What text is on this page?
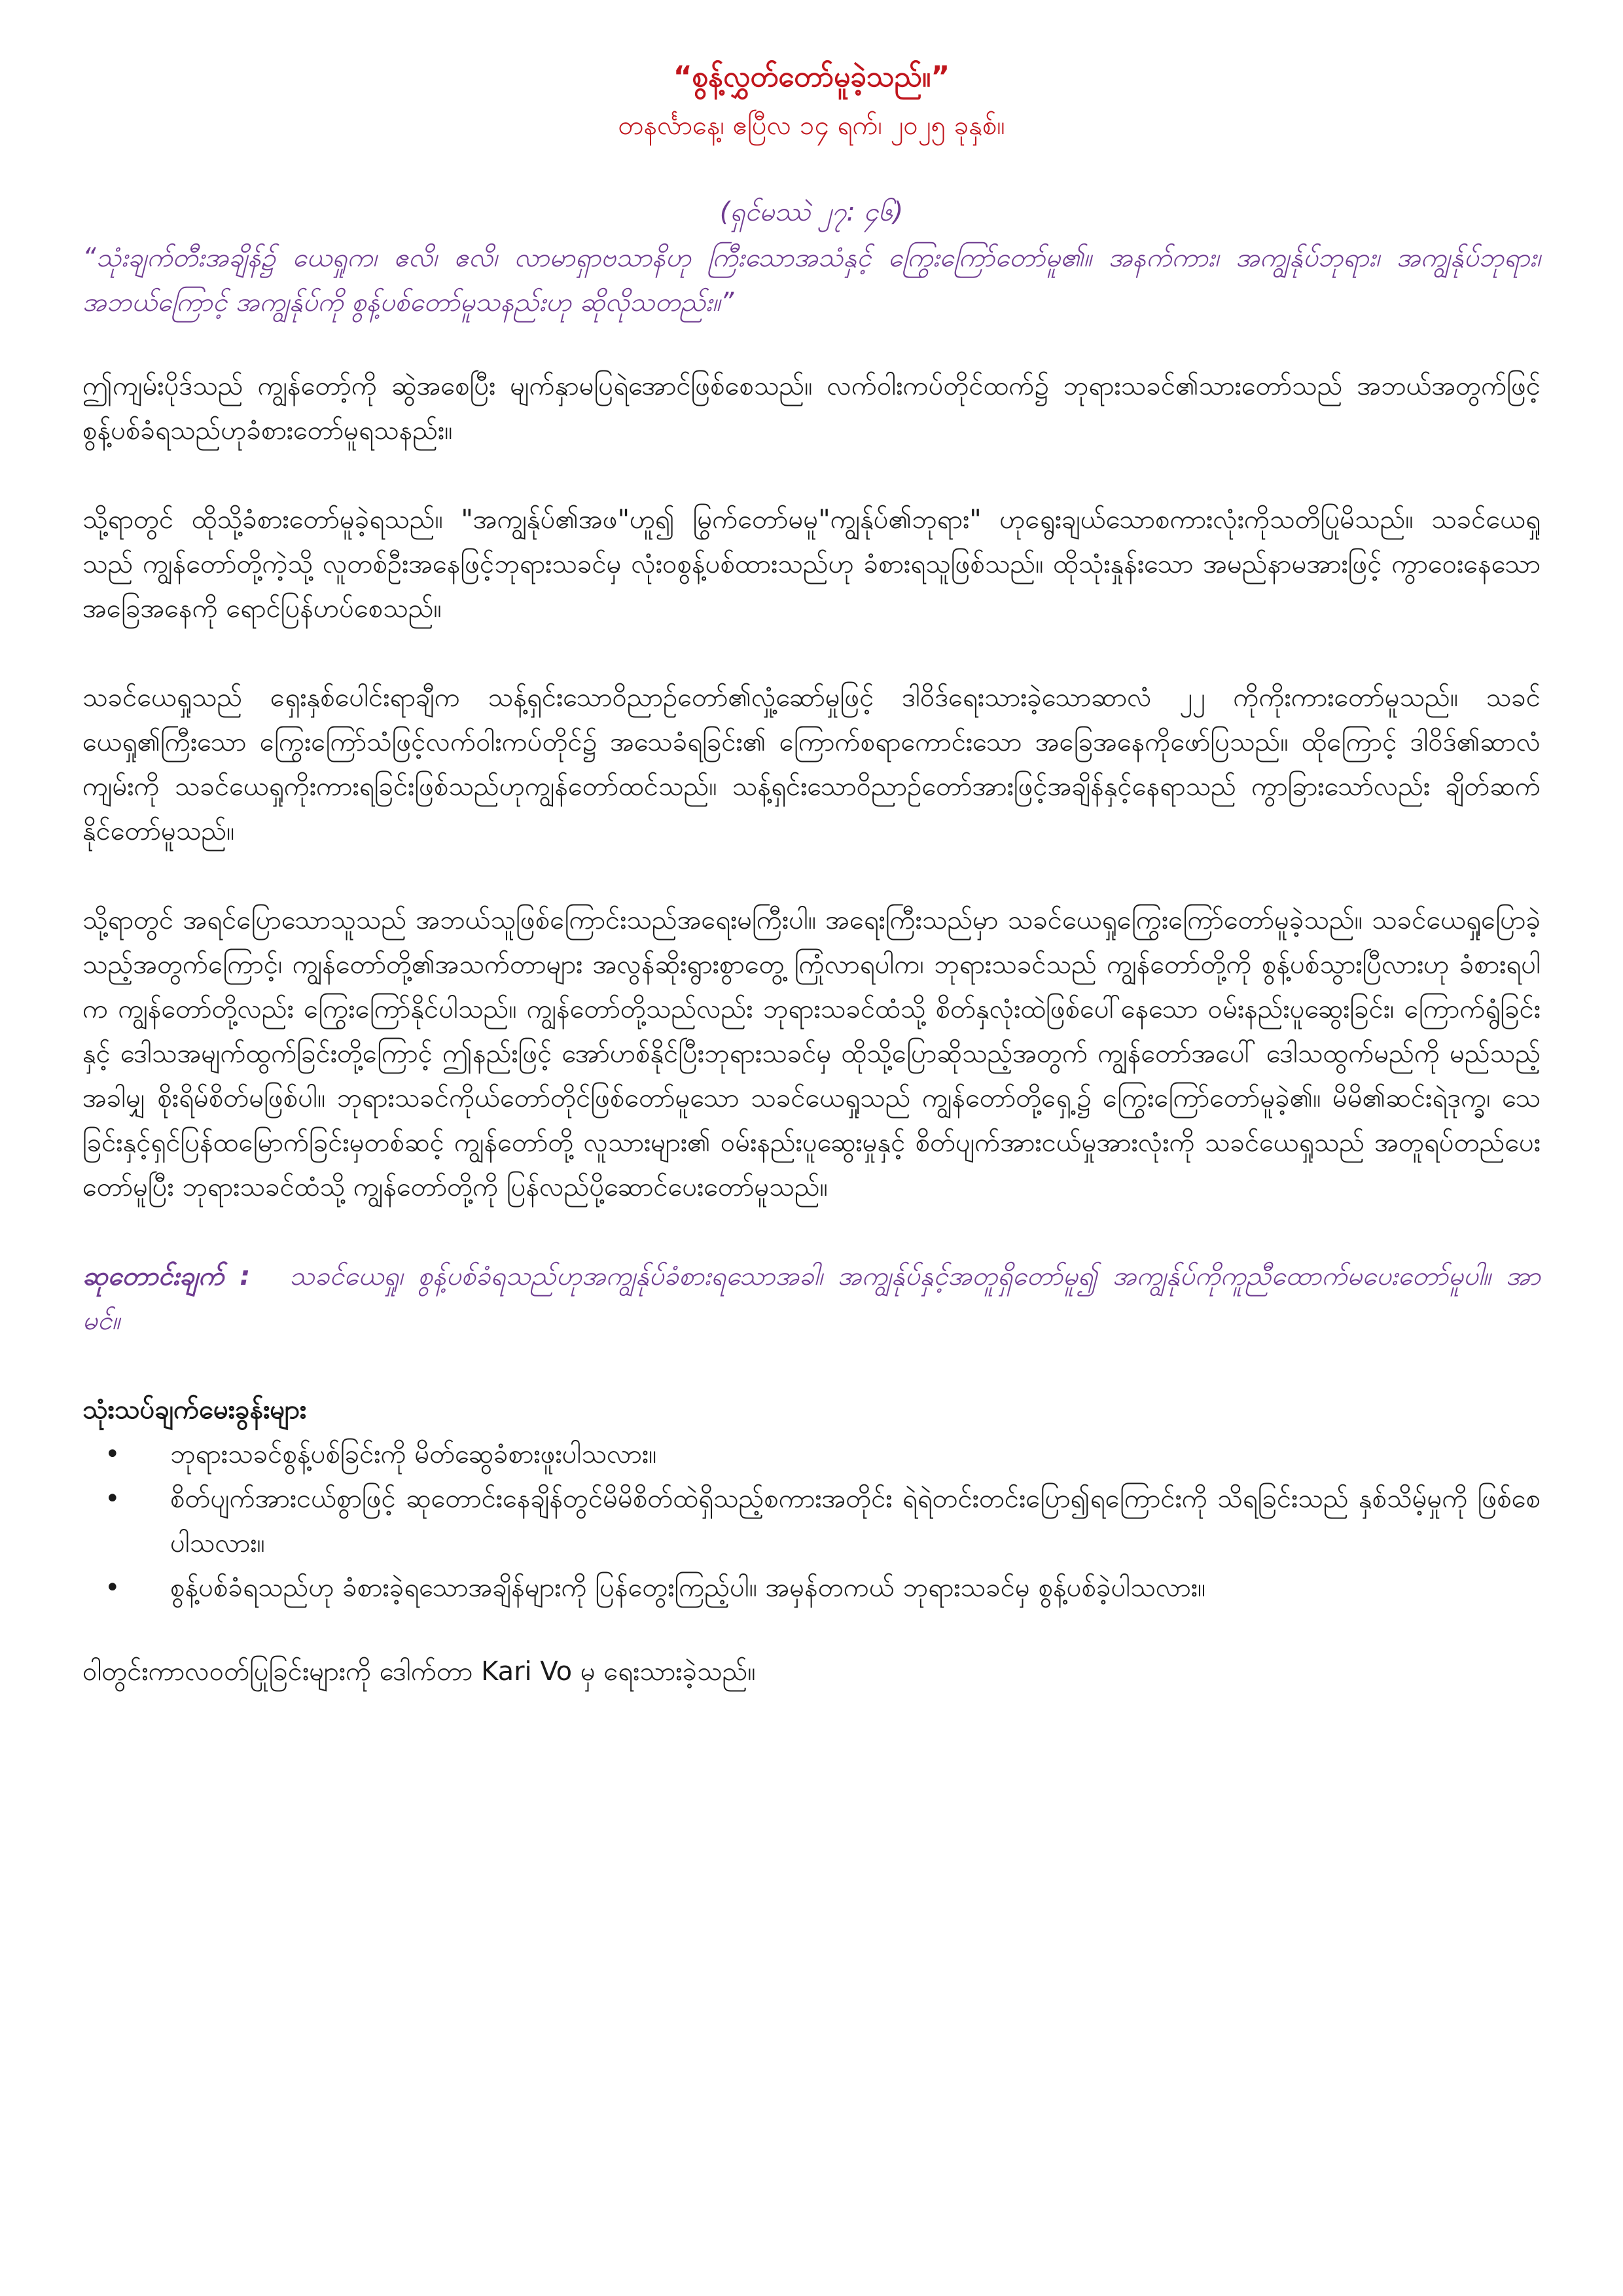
“စွန့်လွှတ်တော်မူခဲ့သည်။”

တနင်္လာနေ့၊ ဧပြီလ ၁၄ ရက်၊ ၂၀၂၅ ခုနှစ်။

(ရှင်မဿဲ ၂၇: ၄၆)

“သုံးချက်တီးအချိန်၌ ယေရှုက၊ ဧလိ၊ ဧလိ၊ လာမာရှာဗသာနိဟု ကြီးသောအသံနှင့် ကြွေးကြော်တော်မူ၏။ အနက်ကား၊ အကျွန်ုပ်ဘုရား၊ အကျွန်ုပ်ဘုရား၊ အဘယ်ကြောင့် အကျွန်ုပ်ကို စွန့်ပစ်တော်မူသနည်းဟု ဆိုလိုသတည်း။”

ဤကျမ်းပိုဒ်သည် ကျွန်တော့်ကို ဆွဲအစေပြီး မျက်နှာမပြရဲအောင်ဖြစ်စေသည်။ လက်ဝါးကပ်တိုင်ထက်၌ ဘုရားသခင်၏သားတော်သည် အဘယ်အတွက်ဖြင့်စွန့်ပစ်ခံရသည်ဟုခံစားတော်မူရသနည်း။

သို့ရာတွင် ထိုသို့ခံစားတော်မူခဲ့ရသည်။ "အကျွန်ုပ်၏အဖ"ဟူ၍ မြွက်တော်မမူ"ကျွန်ုပ်၏ဘုရား" ဟုရွေးချယ်သောစကားလုံးကိုသတိပြုမိသည်။ သခင်ယေရှုသည် ကျွန်တော်တို့ကဲ့သို့ လူတစ်ဦးအနေဖြင့်ဘုရားသခင်မှ လုံးဝစွန့်ပစ်ထားသည်ဟု ခံစားရသူဖြစ်သည်။ ထိုသုံးနှုန်းသော အမည်နာမအားဖြင့် ကွာဝေးနေသောအခြေအနေကို ရောင်ပြန်ဟပ်စေသည်။

သခင်ယေရှုသည် ရှေးနှစ်ပေါင်းရာချီက သန့်ရှင်းသောဝိညာဉ်တော်၏လှုံ့ဆော်မှုဖြင့် ဒါဝိဒ်ရေးသားခဲ့သောဆာလံ ၂၂ ကိုကိုးကားတော်မူသည်။ သခင်ယေရှု၏ကြီးသော ကြွေးကြော်သံဖြင့်လက်ဝါးကပ်တိုင်၌ အသေခံရခြင်း၏ ကြောက်စရာကောင်းသော အခြေအနေကိုဖော်ပြသည်။ ထိုကြောင့် ဒါဝိဒ်၏ဆာလံကျမ်းကို သခင်ယေရှုကိုးကားရခြင်းဖြစ်သည်ဟုကျွန်တော်ထင်သည်။ သန့်ရှင်းသောဝိညာဉ်တော်အားဖြင့်အချိန်နှင့်နေရာသည် ကွာခြားသော်လည်း ချိတ်ဆက်နိုင်တော်မူသည်။

သို့ရာတွင် အရင်ပြောသောသူသည် အဘယ်သူဖြစ်ကြောင်းသည်အရေးမကြီးပါ။ အရေးကြီးသည်မှာ သခင်ယေရှုကြွေးကြော်တော်မူခဲ့သည်။ သခင်ယေရှုပြောခဲ့သည့်အတွက်ကြောင့်၊ ကျွန်တော်တို့၏အသက်တာများ အလွန်ဆိုးရွားစွာတွေ့ ကြုံလာရပါက၊ ဘုရားသခင်သည် ကျွန်တော်တို့ကို စွန့်ပစ်သွားပြီလားဟု ခံစားရပါက ကျွန်တော်တို့လည်း ကြွေးကြော်နိုင်ပါသည်။ ကျွန်တော်တို့သည်လည်း ဘုရားသခင်ထံသို့ စိတ်နှလုံးထဲဖြစ်ပေါ်နေသော ဝမ်းနည်းပူဆွေးခြင်း၊ ကြောက်ရွံခြင်းနှင့် ဒေါသအမျက်ထွက်ခြင်းတို့ကြောင့် ဤနည်းဖြင့် အော်ဟစ်နိုင်ပြီးဘုရားသခင်မှ ထိုသို့ပြောဆိုသည့်အတွက် ကျွန်တော်အပေါ် ဒေါသထွက်မည်ကို မည်သည့်အခါမျှ စိုးရိမ်စိတ်မဖြစ်ပါ။ ဘုရားသခင်ကိုယ်တော်တိုင်ဖြစ်တော်မူသော သခင်ယေရှုသည် ကျွန်တော်တို့ရှေ့၌ ကြွေးကြော်တော်မူခဲ့၏။ မိမိ၏ဆင်းရဲဒုက္ခ၊ သေခြင်းနှင့်ရှင်ပြန်ထမြောက်ခြင်းမှတစ်ဆင့် ကျွန်တော်တို့ လူသားများ၏ ဝမ်းနည်းပူဆွေးမှုနှင့် စိတ်ပျက်အားငယ်မှုအားလုံးကို သခင်ယေရှုသည် အတူရပ်တည်ပေးတော်မူပြီး ဘုရားသခင်ထံသို့ ကျွန်တော်တို့ကို ပြန်လည်ပို့ဆောင်ပေးတော်မူသည်။

ဆုတောင်းချက် : သခင်ယေရှု၊ စွန့်ပစ်ခံရသည်ဟုအကျွန်ုပ်ခံစားရသောအခါ၊ အကျွန်ုပ်နှင့်အတူရှိတော်မူ၍ အကျွန်ုပ်ကိုကူညီထောက်မပေးတော်မူပါ။ အာမင်။

သုံးသပ်ချက်မေးခွန်းများ

• ဘုရားသခင်စွန့်ပစ်ခြင်းကို မိတ်ဆွေခံစားဖူးပါသလား။
• စိတ်ပျက်အားငယ်စွာဖြင့် ဆုတောင်းနေချိန်တွင်မိမိစိတ်ထဲရှိသည့်စကားအတိုင်း ရဲရဲတင်းတင်းပြော၍ရကြောင်းကို သိရခြင်းသည် နှစ်သိမ့်မှုကို ဖြစ်စေပါသလား။
• စွန့်ပစ်ခံရသည်ဟု ခံစားခဲ့ရသောအချိန်များကို ပြန်တွေးကြည့်ပါ။ အမှန်တကယ် ဘုရားသခင်မှ စွန့်ပစ်ခဲ့ပါသလား။

ဝါတွင်းကာလဝတ်ပြုခြင်းများကို ဒေါက်တာ Kari Vo မှ ရေးသားခဲ့သည်။
